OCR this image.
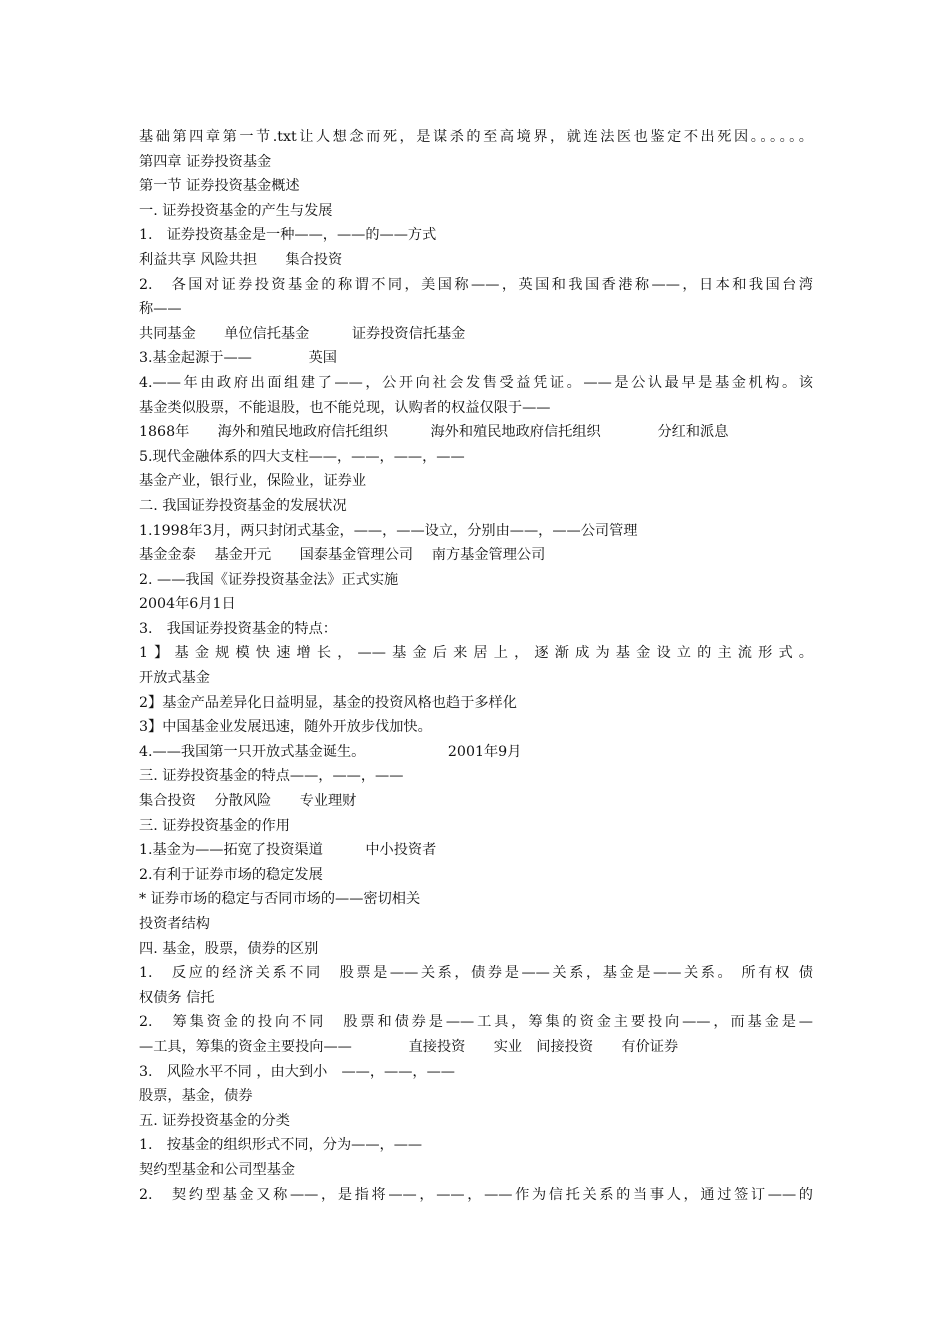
基础第四章第一节.txt让人想念而死，是谋杀的至高境界，就连法医也鉴定不出死因。。。。。。
第四章 证券投资基金
第一节 证券投资基金概述
一. 证券投资基金的产生与发展
1.　证券投资基金是一种——，——的——方式
利益共享 风险共担　　集合投资
2.　各国对证券投资基金的称谓不同，美国称——，英国和我国香港称——，日本和我国台湾
称——
共同基金　　单位信托基金　　　证券投资信托基金
3.基金起源于——　　　　英国
4.——年由政府出面组建了——，公开向社会发售受益凭证。——是公认最早是基金机构。该
基金类似股票，不能退股，也不能兑现，认购者的权益仅限于——
1868年　　海外和殖民地政府信托组织　　　海外和殖民地政府信托组织　　　　分红和派息
5.现代金融体系的四大支柱——，——，——，——
基金产业，银行业，保险业，证券业
二. 我国证券投资基金的发展状况
1.1998年3月，两只封闭式基金，——，——设立，分别由——，——公司管理
基金金泰　 基金开元　　国泰基金管理公司　 南方基金管理公司
2. ——我国《证券投资基金法》正式实施
2004年6月1日
3.　我国证券投资基金的特点：
1】基金规模快速增长，——基金后来居上，逐渐成为基金设立的主流形式。
开放式基金
2】基金产品差异化日益明显，基金的投资风格也趋于多样化
3】中国基金业发展迅速，随外开放步伐加快。
4.——我国第一只开放式基金诞生。　　　　　　 2001年9月
三. 证券投资基金的特点——，——，——
集合投资　 分散风险　　专业理财
三. 证券投资基金的作用
1.基金为——拓宽了投资渠道　　　中小投资者
2.有利于证券市场的稳定发展
* 证券市场的稳定与否同市场的——密切相关
投资者结构
四. 基金，股票，债券的区别
1.　反应的经济关系不同　股票是——关系，债券是——关系，基金是——关系。 所有权 债
权债务 信托
2.　筹集资金的投向不同　股票和债券是——工具，筹集的资金主要投向——，而基金是—
—工具，筹集的资金主要投向——　　　　直接投资　　实业　间接投资　　有价证券
3.　风险水平不同 ，由大到小　——，——，——
股票，基金，债券
五. 证券投资基金的分类
1.　按基金的组织形式不同，分为——，——
契约型基金和公司型基金
2.　契约型基金又称——，是指将——，——，——作为信托关系的当事人，通过签订——的
